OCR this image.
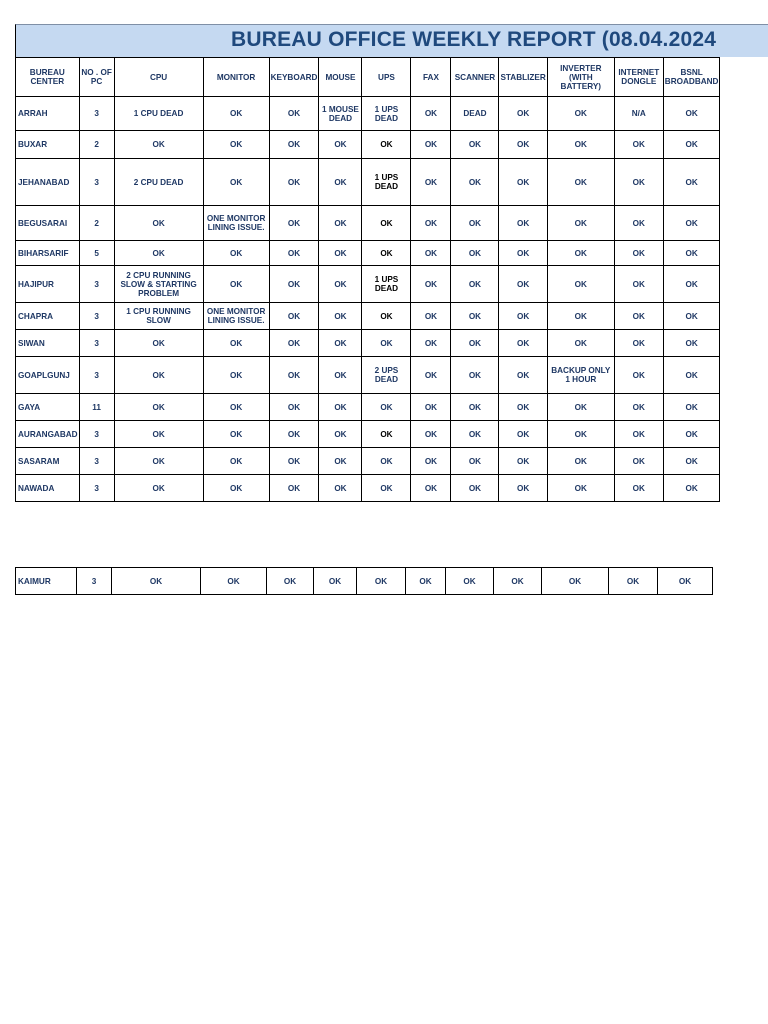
BUREAU OFFICE WEEKLY REPORT (08.04.2024
BUREAU CENTER	NO . OF PC	CPU	MONITOR	KEYBOARD	MOUSE	UPS	FAX	SCANNER	STABLIZER	INVERTER (WITH BATTERY)	INTERNET DONGLE	BSNL BROADBAND
ARRAH	3	1 CPU DEAD	OK	OK	1 MOUSE DEAD	1 UPS DEAD	OK	DEAD	OK	OK	N/A	OK
BUXAR	2	OK	OK	OK	OK	OK	OK	OK	OK	OK	OK	OK
JEHANABAD	3	2 CPU DEAD	OK	OK	OK	1 UPS DEAD	OK	OK	OK	OK	OK	OK
BEGUSARAI	2	OK	ONE MONITOR LINING ISSUE.	OK	OK	OK	OK	OK	OK	OK	OK	OK
BIHARSARIF	5	OK	OK	OK	OK	OK	OK	OK	OK	OK	OK	OK
HAJIPUR	3	2 CPU RUNNING SLOW & STARTING PROBLEM	OK	OK	OK	1 UPS DEAD	OK	OK	OK	OK	OK	OK
CHAPRA	3	1 CPU RUNNING SLOW	ONE MONITOR LINING ISSUE.	OK	OK	OK	OK	OK	OK	OK	OK	OK
SIWAN	3	OK	OK	OK	OK	OK	OK	OK	OK	OK	OK	OK
GOAPLGUNJ	3	OK	OK	OK	OK	2 UPS DEAD	OK	OK	OK	BACKUP ONLY 1 HOUR	OK	OK
GAYA	11	OK	OK	OK	OK	OK	OK	OK	OK	OK	OK	OK
AURANGABAD	3	OK	OK	OK	OK	OK	OK	OK	OK	OK	OK	OK
SASARAM	3	OK	OK	OK	OK	OK	OK	OK	OK	OK	OK	OK
NAWADA	3	OK	OK	OK	OK	OK	OK	OK	OK	OK	OK	OK
KAIMUR	3	OK	OK	OK	OK	OK	OK	OK	OK	OK	OK	OK
